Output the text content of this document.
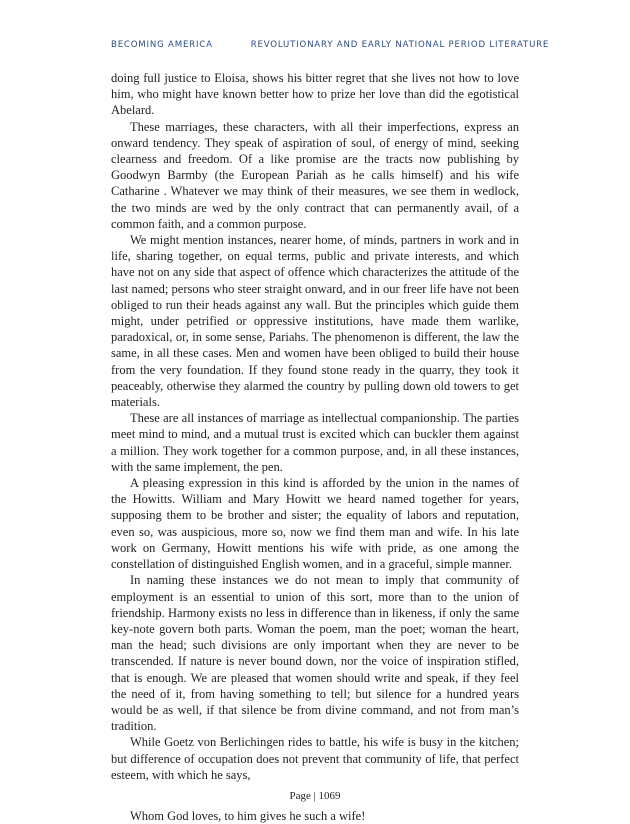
BECOMING AMERICA	REVOLUTIONARY AND EARLY NATIONAL PERIOD LITERATURE

doing full justice to Eloisa, shows his bitter regret that she lives not how to love him, who might have known better how to prize her love than did the egotistical Abelard.

These marriages, these characters, with all their imperfections, express an onward tendency. They speak of aspiration of soul, of energy of mind, seeking clearness and freedom. Of a like promise are the tracts now publishing by Goodwyn Barmby (the European Pariah as he calls himself) and his wife Catharine . Whatever we may think of their measures, we see them in wedlock, the two minds are wed by the only contract that can permanently avail, of a common faith, and a common purpose.

We might mention instances, nearer home, of minds, partners in work and in life, sharing together, on equal terms, public and private interests, and which have not on any side that aspect of offence which characterizes the attitude of the last named; persons who steer straight onward, and in our freer life have not been obliged to run their heads against any wall. But the principles which guide them might, under petrified or oppressive institutions, have made them warlike, paradoxical, or, in some sense, Pariahs. The phenomenon is different, the law the same, in all these cases. Men and women have been obliged to build their house from the very foundation. If they found stone ready in the quarry, they took it peaceably, otherwise they alarmed the country by pulling down old towers to get materials.

These are all instances of marriage as intellectual companionship. The parties meet mind to mind, and a mutual trust is excited which can buckler them against a million. They work together for a common purpose, and, in all these instances, with the same implement, the pen.

A pleasing expression in this kind is afforded by the union in the names of the Howitts. William and Mary Howitt we heard named together for years, supposing them to be brother and sister; the equality of labors and reputation, even so, was auspicious, more so, now we find them man and wife. In his late work on Germany, Howitt mentions his wife with pride, as one among the constellation of distinguished English women, and in a graceful, simple manner.

In naming these instances we do not mean to imply that community of employment is an essential to union of this sort, more than to the union of friendship. Harmony exists no less in difference than in likeness, if only the same key-note govern both parts. Woman the poem, man the poet; woman the heart, man the head; such divisions are only important when they are never to be transcended. If nature is never bound down, nor the voice of inspiration stifled, that is enough. We are pleased that women should write and speak, if they feel the need of it, from having something to tell; but silence for a hundred years would be as well, if that silence be from divine command, and not from man’s tradition.

While Goetz von Berlichingen rides to battle, his wife is busy in the kitchen; but difference of occupation does not prevent that community of life, that perfect esteem, with which he says,

Whom God loves, to him gives he such a wife!

Page | 1069
